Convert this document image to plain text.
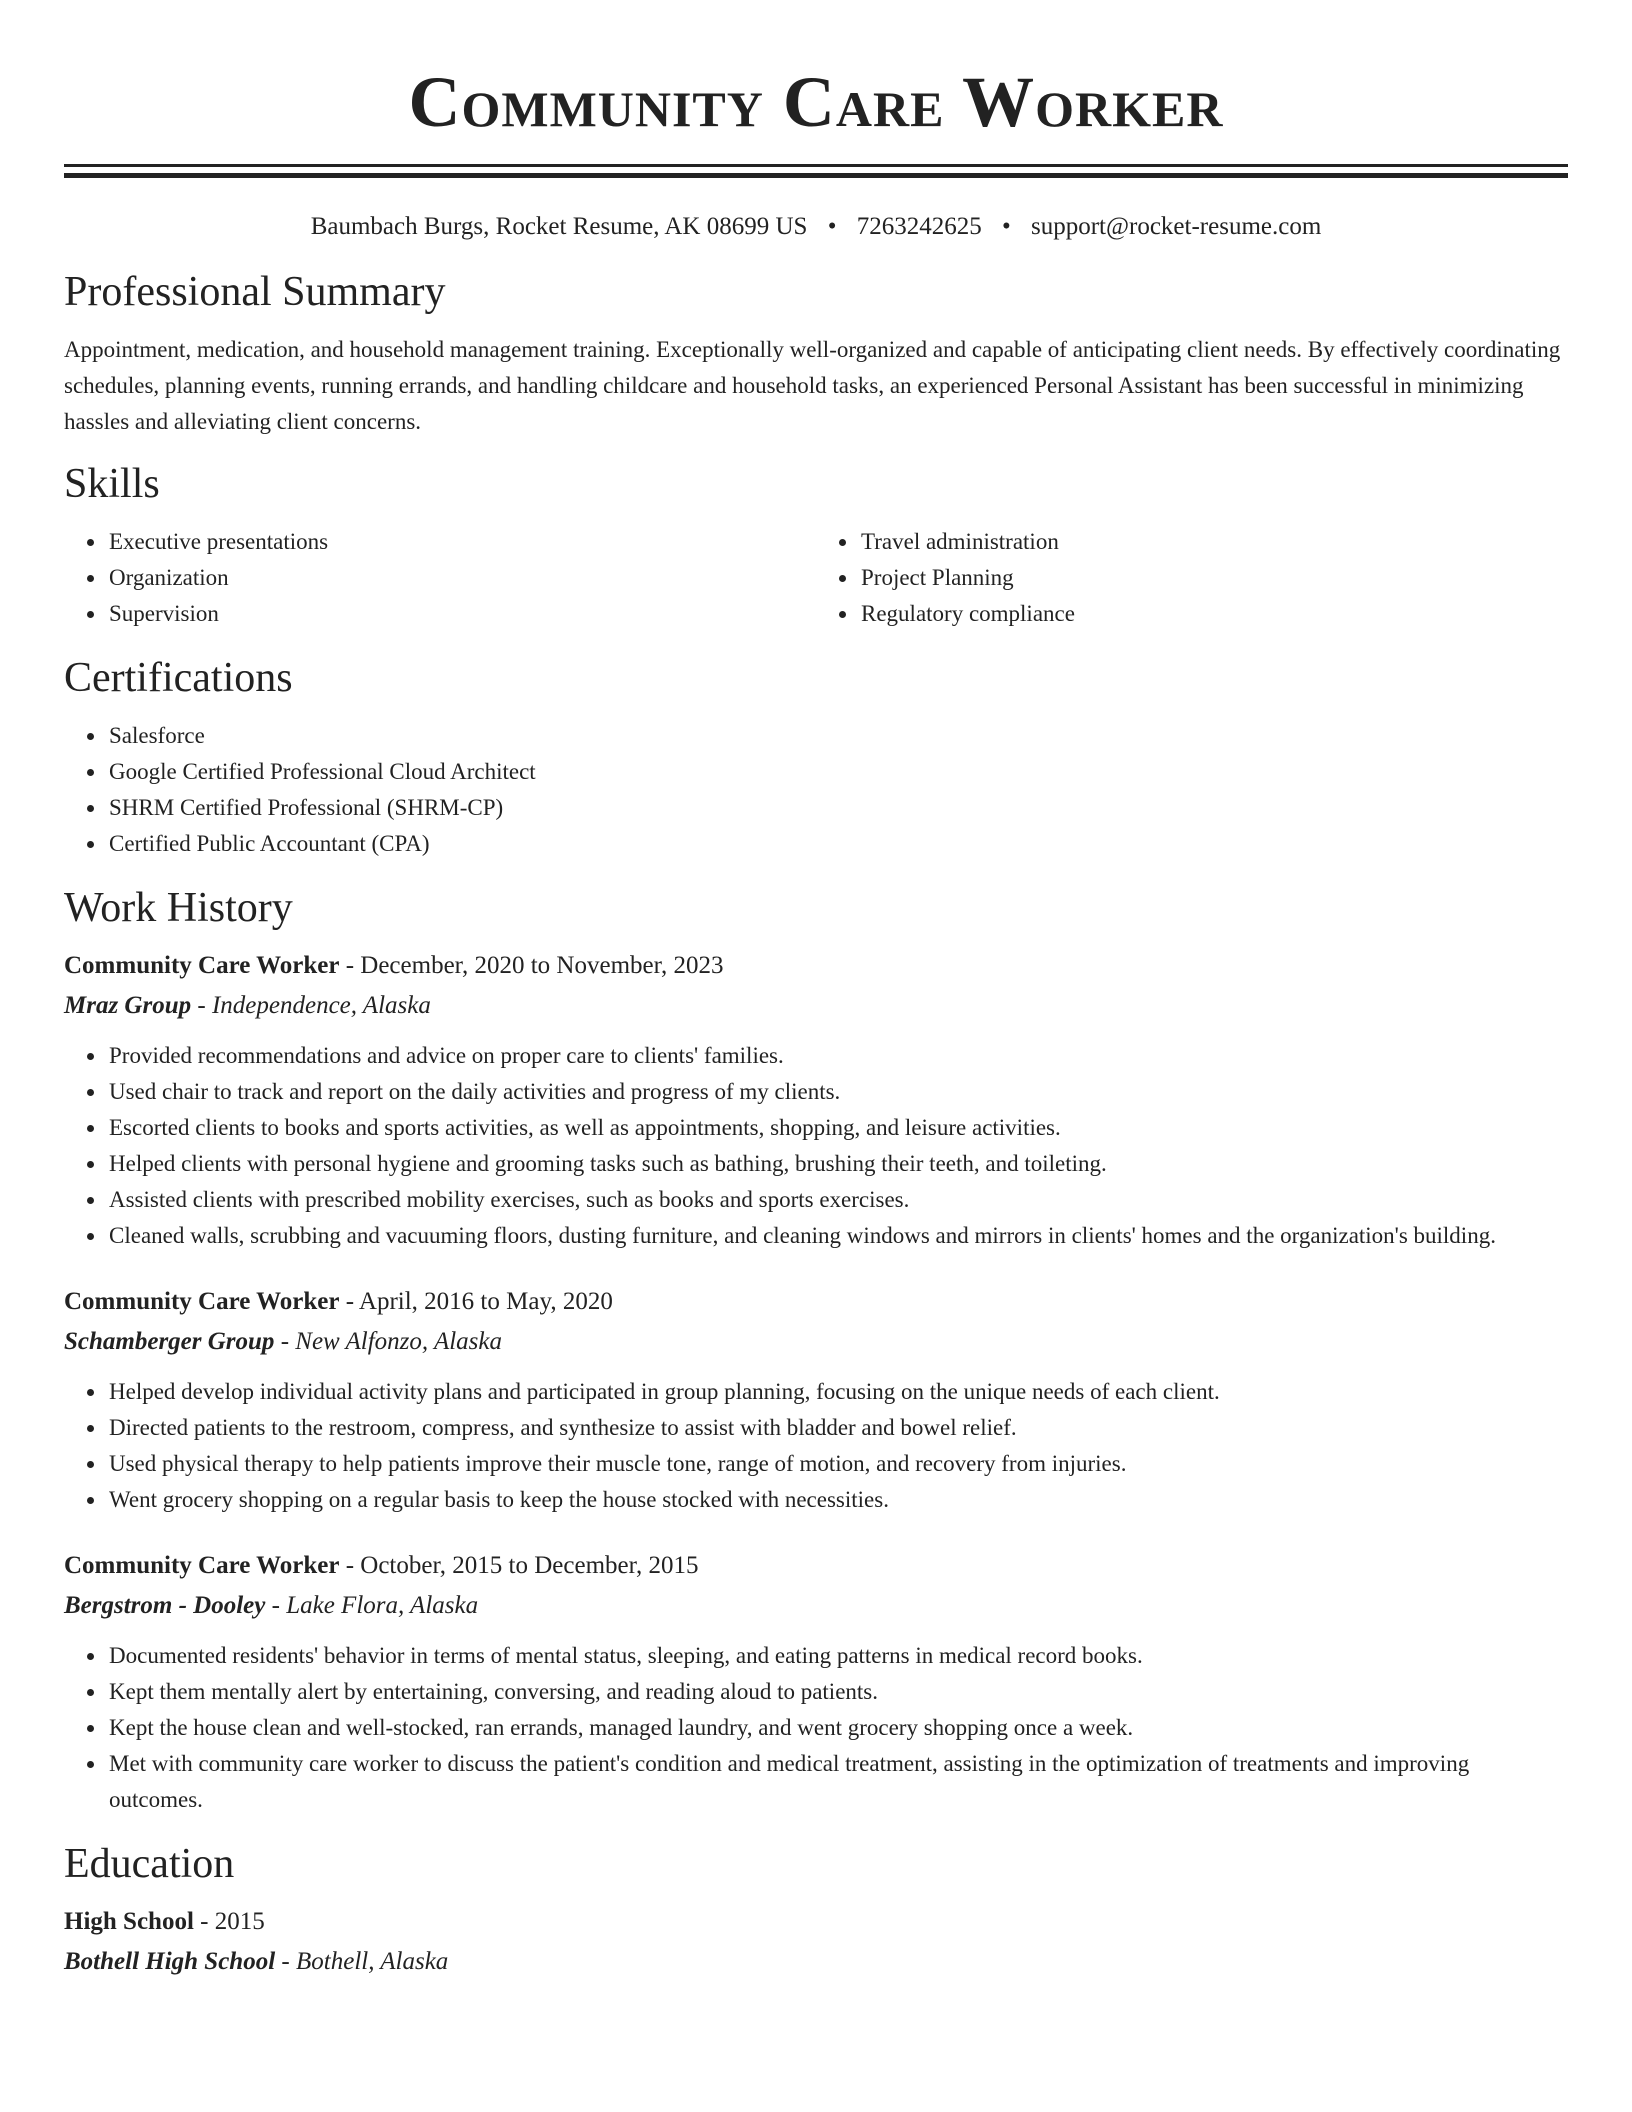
Community Care Worker
Baumbach Burgs, Rocket Resume, AK 08699 US • 7263242625 • support@rocket-resume.com
Professional Summary

Appointment, medication, and household management training. Exceptionally well-organized and capable of anticipating client needs. By effectively coordinating schedules, planning events, running errands, and handling childcare and household tasks, an experienced Personal Assistant has been successful in minimizing hassles and alleviating client concerns.

Skills
• Executive presentations
• Organization
• Supervision
• Travel administration
• Project Planning
• Regulatory compliance
Certifications
• Salesforce
• Google Certified Professional Cloud Architect
• SHRM Certified Professional (SHRM-CP)
• Certified Public Accountant (CPA)
Work History
Community Care Worker - December, 2020 to November, 2023
Mraz Group - Independence, Alaska
• Provided recommendations and advice on proper care to clients' families.
• Used chair to track and report on the daily activities and progress of my clients.
• Escorted clients to books and sports activities, as well as appointments, shopping, and leisure activities.
• Helped clients with personal hygiene and grooming tasks such as bathing, brushing their teeth, and toileting.
• Assisted clients with prescribed mobility exercises, such as books and sports exercises.
• Cleaned walls, scrubbing and vacuuming floors, dusting furniture, and cleaning windows and mirrors in clients' homes and the organization's building.
Community Care Worker - April, 2016 to May, 2020
Schamberger Group - New Alfonzo, Alaska
• Helped develop individual activity plans and participated in group planning, focusing on the unique needs of each client.
• Directed patients to the restroom, compress, and synthesize to assist with bladder and bowel relief.
• Used physical therapy to help patients improve their muscle tone, range of motion, and recovery from injuries.
• Went grocery shopping on a regular basis to keep the house stocked with necessities.
Community Care Worker - October, 2015 to December, 2015
Bergstrom - Dooley - Lake Flora, Alaska
• Documented residents' behavior in terms of mental status, sleeping, and eating patterns in medical record books.
• Kept them mentally alert by entertaining, conversing, and reading aloud to patients.
• Kept the house clean and well-stocked, ran errands, managed laundry, and went grocery shopping once a week.
• Met with community care worker to discuss the patient's condition and medical treatment, assisting in the optimization of treatments and improving outcomes.
Education
High School - 2015
Bothell High School - Bothell, Alaska
